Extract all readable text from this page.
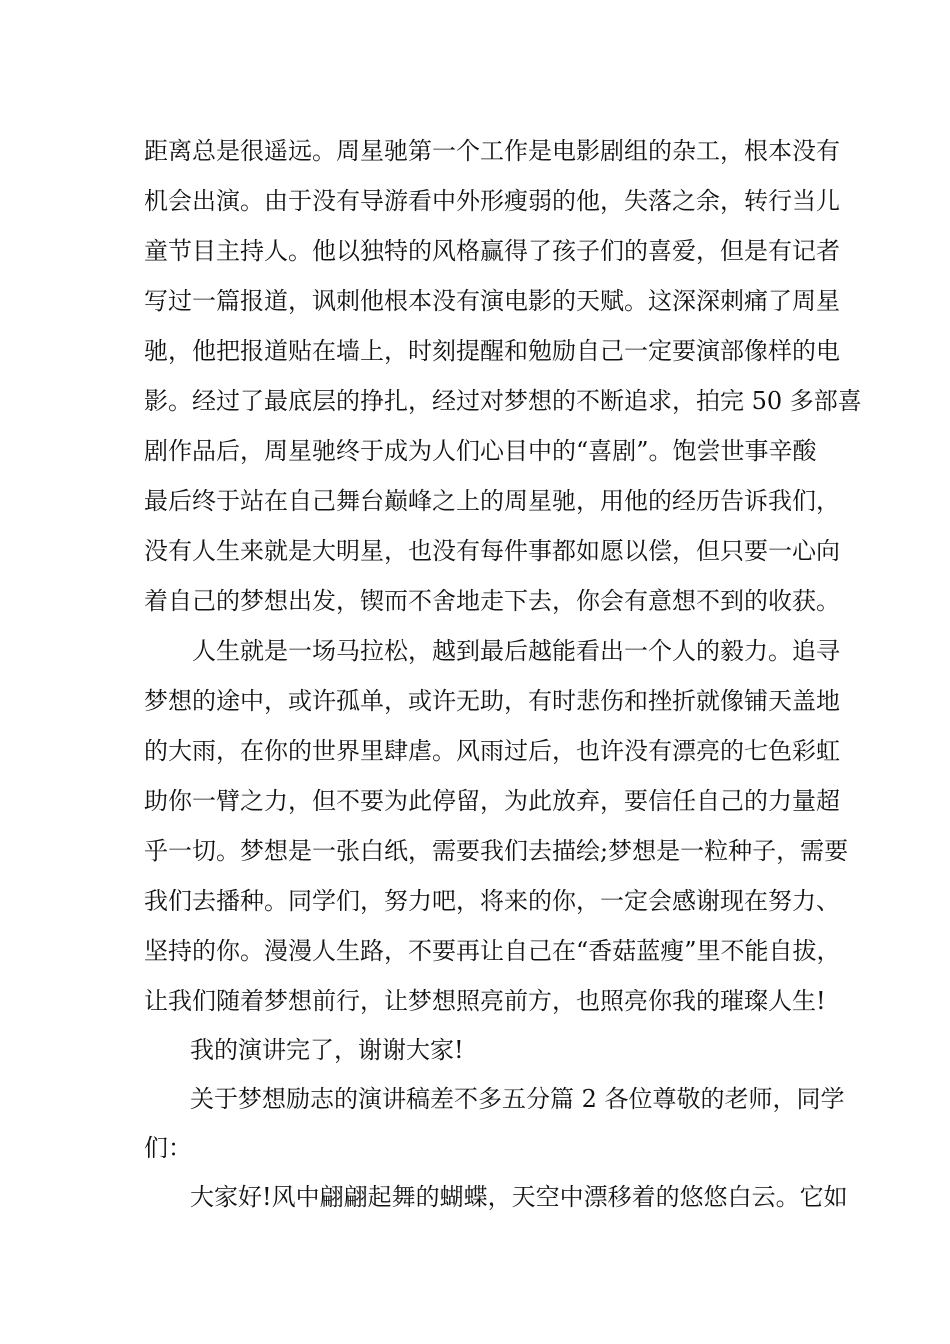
距离总是很遥远。周星驰第一个工作是电影剧组的杂工，根本没有
机会出演。由于没有导游看中外形瘦弱的他，失落之余，转行当儿
童节目主持人。他以独特的风格赢得了孩子们的喜爱，但是有记者
写过一篇报道，讽刺他根本没有演电影的天赋。这深深刺痛了周星
驰，他把报道贴在墙上，时刻提醒和勉励自己一定要演部像样的电
影。经过了最底层的挣扎，经过对梦想的不断追求，拍完 50 多部喜
剧作品后，周星驰终于成为人们心目中的“喜剧”。饱尝世事辛酸
最后终于站在自己舞台巅峰之上的周星驰，用他的经历告诉我们，
没有人生来就是大明星，也没有每件事都如愿以偿，但只要一心向
着自己的梦想出发，锲而不舍地走下去，你会有意想不到的收获。
人生就是一场马拉松，越到最后越能看出一个人的毅力。追寻
梦想的途中，或许孤单，或许无助，有时悲伤和挫折就像铺天盖地
的大雨，在你的世界里肆虐。风雨过后，也许没有漂亮的七色彩虹
助你一臂之力，但不要为此停留，为此放弃，要信任自己的力量超
乎一切。梦想是一张白纸，需要我们去描绘;梦想是一粒种子，需要
我们去播种。同学们，努力吧，将来的你，一定会感谢现在努力、
坚持的你。漫漫人生路，不要再让自己在“香菇蓝瘦”里不能自拔，
让我们随着梦想前行，让梦想照亮前方，也照亮你我的璀璨人生!
我的演讲完了，谢谢大家!
关于梦想励志的演讲稿差不多五分篇 2 各位尊敬的老师，同学
们：
大家好!风中翩翩起舞的蝴蝶，天空中漂移着的悠悠白云。它如
